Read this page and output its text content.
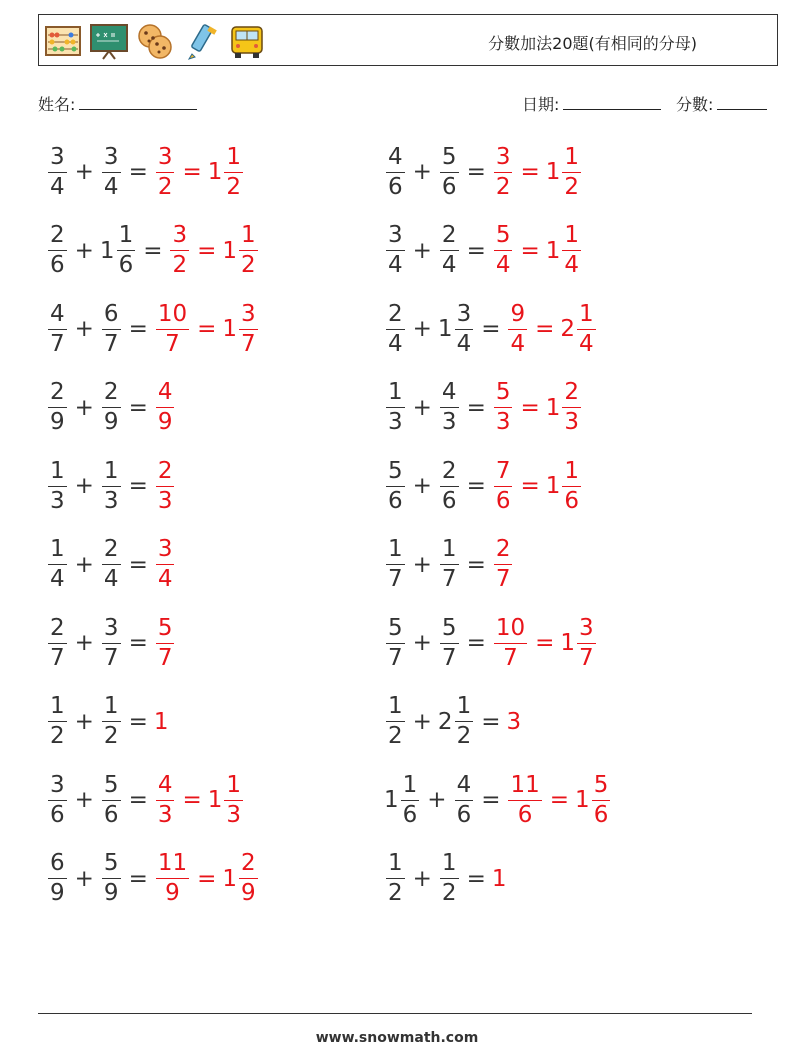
分數加法20題(有相同的分母)
姓名:	日期:	分數:
$\frac{3}{4} + \frac{3}{4} = \frac{3}{2} = 1 \frac{1}{2}$	$\frac{4}{6} + \frac{5}{6} = \frac{3}{2} = 1 \frac{1}{2}$
$\frac{2}{6} + 1 \frac{1}{6} = \frac{3}{2} = 1 \frac{1}{2}$	$\frac{3}{4} + \frac{2}{4} = \frac{5}{4} = 1 \frac{1}{4}$
$\frac{4}{7} + \frac{6}{7} = \frac{10}{7} = 1 \frac{3}{7}$	$\frac{2}{4} + 1 \frac{3}{4} = \frac{9}{4} = 2 \frac{1}{4}$
$\frac{2}{9} + \frac{2}{9} = \frac{4}{9}$	$\frac{1}{3} + \frac{4}{3} = \frac{5}{3} = 1 \frac{2}{3}$
$\frac{1}{3} + \frac{1}{3} = \frac{2}{3}$	$\frac{5}{6} + \frac{2}{6} = \frac{7}{6} = 1 \frac{1}{6}$
$\frac{1}{4} + \frac{2}{4} = \frac{3}{4}$	$\frac{1}{7} + \frac{1}{7} = \frac{2}{7}$
$\frac{2}{7} + \frac{3}{7} = \frac{5}{7}$	$\frac{5}{7} + \frac{5}{7} = \frac{10}{7} = 1 \frac{3}{7}$
$\frac{1}{2} + \frac{1}{2} = 1$	$\frac{1}{2} + 2 \frac{1}{2} = 3$
$\frac{3}{6} + \frac{5}{6} = \frac{4}{3} = 1 \frac{1}{3}$	$1 \frac{1}{6} + \frac{4}{6} = \frac{11}{6} = 1 \frac{5}{6}$
$\frac{6}{9} + \frac{5}{9} = \frac{11}{9} = 1 \frac{2}{9}$	$\frac{1}{2} + \frac{1}{2} = 1$
www.snowmath.com
